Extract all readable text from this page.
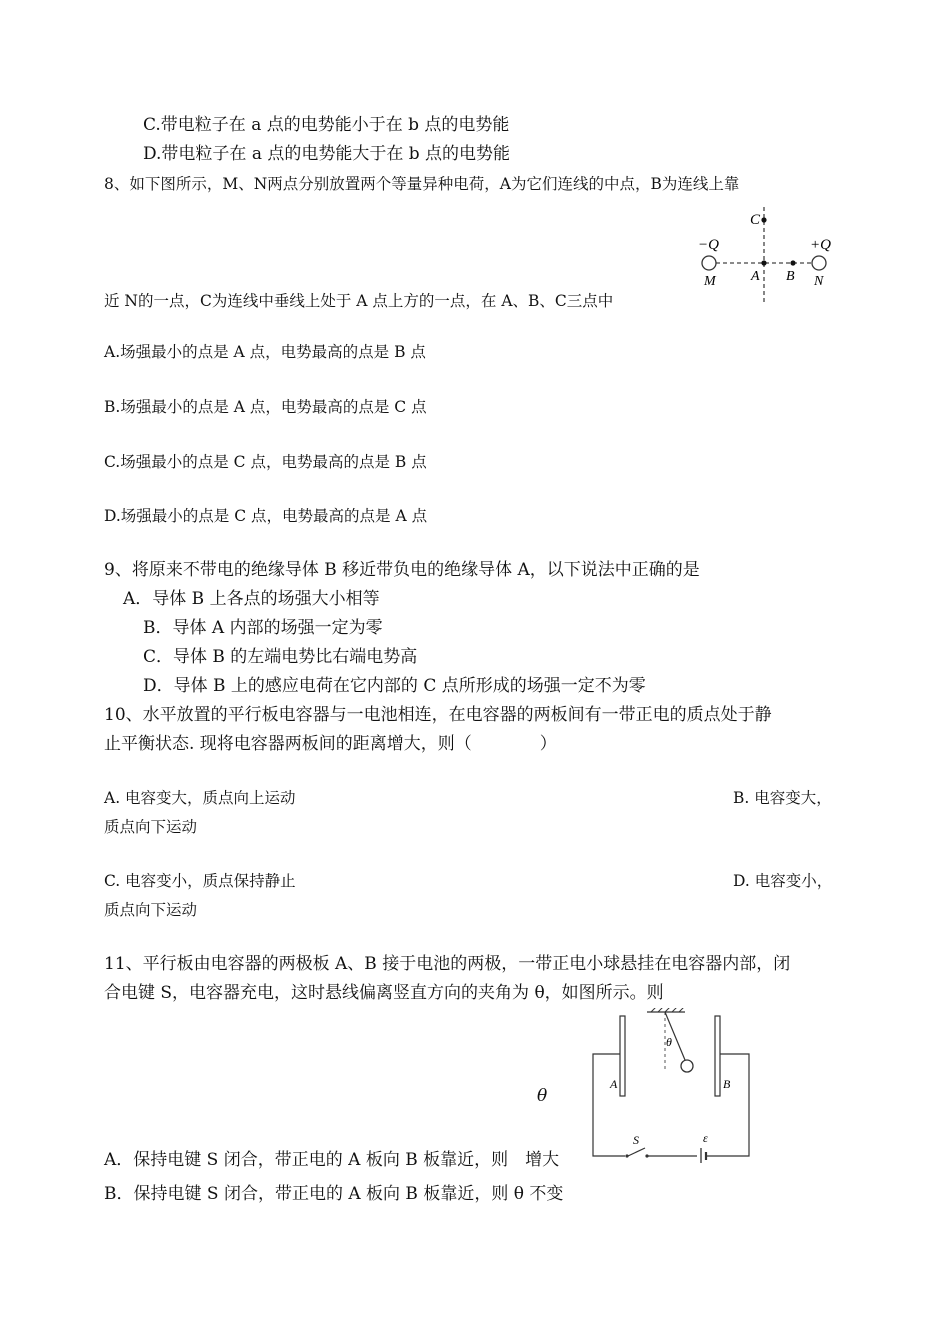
C.带电粒子在 a 点的电势能小于在 b 点的电势能
D.带电粒子在 a 点的电势能大于在 b 点的电势能
8、如下图所示，M、N两点分别放置两个等量异种电荷，A为它们连线的中点，B为连线上靠
−Q	+Q
C
M	A B N
近 N的一点，C为连线中垂线上处于 A 点上方的一点，在 A、B、C三点中
A.场强最小的点是 A 点，电势最高的点是 B 点
B.场强最小的点是 A 点，电势最高的点是 C 点
C.场强最小的点是 C 点，电势最高的点是 B 点
D.场强最小的点是 C 点，电势最高的点是 A 点
9、将原来不带电的绝缘导体 B 移近带负电的绝缘导体 A，以下说法中正确的是
A．导体 B 上各点的场强大小相等
B．导体 A 内部的场强一定为零
C．导体 B 的左端电势比右端电势高
D．导体 B 上的感应电荷在它内部的 C 点所形成的场强一定不为零
10、水平放置的平行板电容器与一电池相连，在电容器的两板间有一带正电的质点处于静
止平衡状态. 现将电容器两板间的距离增大，则（　　　　）
A. 电容变大，质点向上运动	B. 电容变大，
质点向下运动
C. 电容变小，质点保持静止	D. 电容变小，
质点向下运动
11、平行板由电容器的两极板 A、B 接于电池的两极，一带正电小球悬挂在电容器内部，闭
合电键 S，电容器充电，这时悬线偏离竖直方向的夹角为 θ，如图所示。则
θ
A	B
S	ε
θ
A．保持电键 S 闭合，带正电的 A 板向 B 板靠近，则　增大
B．保持电键 S 闭合，带正电的 A 板向 B 板靠近，则 θ 不变
